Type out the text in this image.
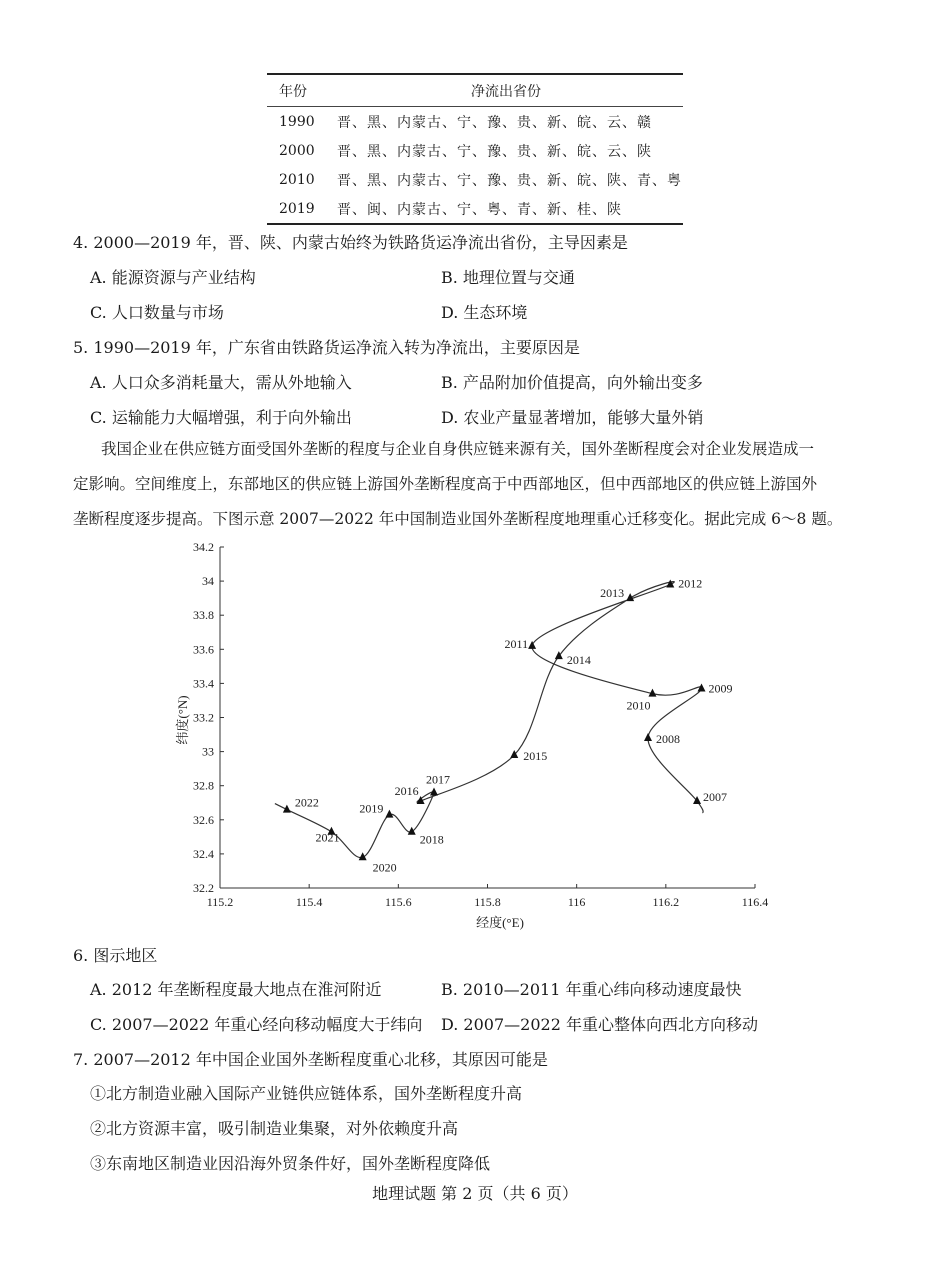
年份	净流出省份
1990	晋、黑、内蒙古、宁、豫、贵、新、皖、云、赣
2000	晋、黑、内蒙古、宁、豫、贵、新、皖、云、陕
2010	晋、黑、内蒙古、宁、豫、贵、新、皖、陕、青、粤
2019	晋、闽、内蒙古、宁、粤、青、新、桂、陕
4. 2000—2019 年，晋、陕、内蒙古始终为铁路货运净流出省份，主导因素是
A. 能源资源与产业结构	B. 地理位置与交通
C. 人口数量与市场	D. 生态环境
5. 1990—2019 年，广东省由铁路货运净流入转为净流出，主要原因是
A. 人口众多消耗量大，需从外地输入	B. 产品附加价值提高，向外输出变多
C. 运输能力大幅增强，利于向外输出	D. 农业产量显著增加，能够大量外销

我国企业在供应链方面受国外垄断的程度与企业自身供应链来源有关，国外垄断程度会对企业发展造成一

定影响。空间维度上，东部地区的供应链上游国外垄断程度高于中西部地区，但中西部地区的供应链上游国外

垄断程度逐步提高。下图示意 2007—2022 年中国制造业国外垄断程度地理重心迁移变化。据此完成 6～8 题。

32.2
32.4
32.6
32.8
33
33.2
33.4
33.6
33.8
34
34.2
115.2	115.4	115.6	115.8	116	116.2	116.4
2007
2008
2009
2010
2011
2012
2013
2014
2015
2016
2017
2018
2019
2020
2021
2022
经度(°E)
纬度(°N)
6. 图示地区
A. 2012 年垄断程度最大地点在淮河附近	B. 2010—2011 年重心纬向移动速度最快
C. 2007—2022 年重心经向移动幅度大于纬向 D. 2007—2022 年重心整体向西北方向移动
7. 2007—2012 年中国企业国外垄断程度重心北移，其原因可能是
①北方制造业融入国际产业链供应链体系，国外垄断程度升高
②北方资源丰富，吸引制造业集聚，对外依赖度升高
③东南地区制造业因沿海外贸条件好，国外垄断程度降低
地理试题 第 2 页（共 6 页）
